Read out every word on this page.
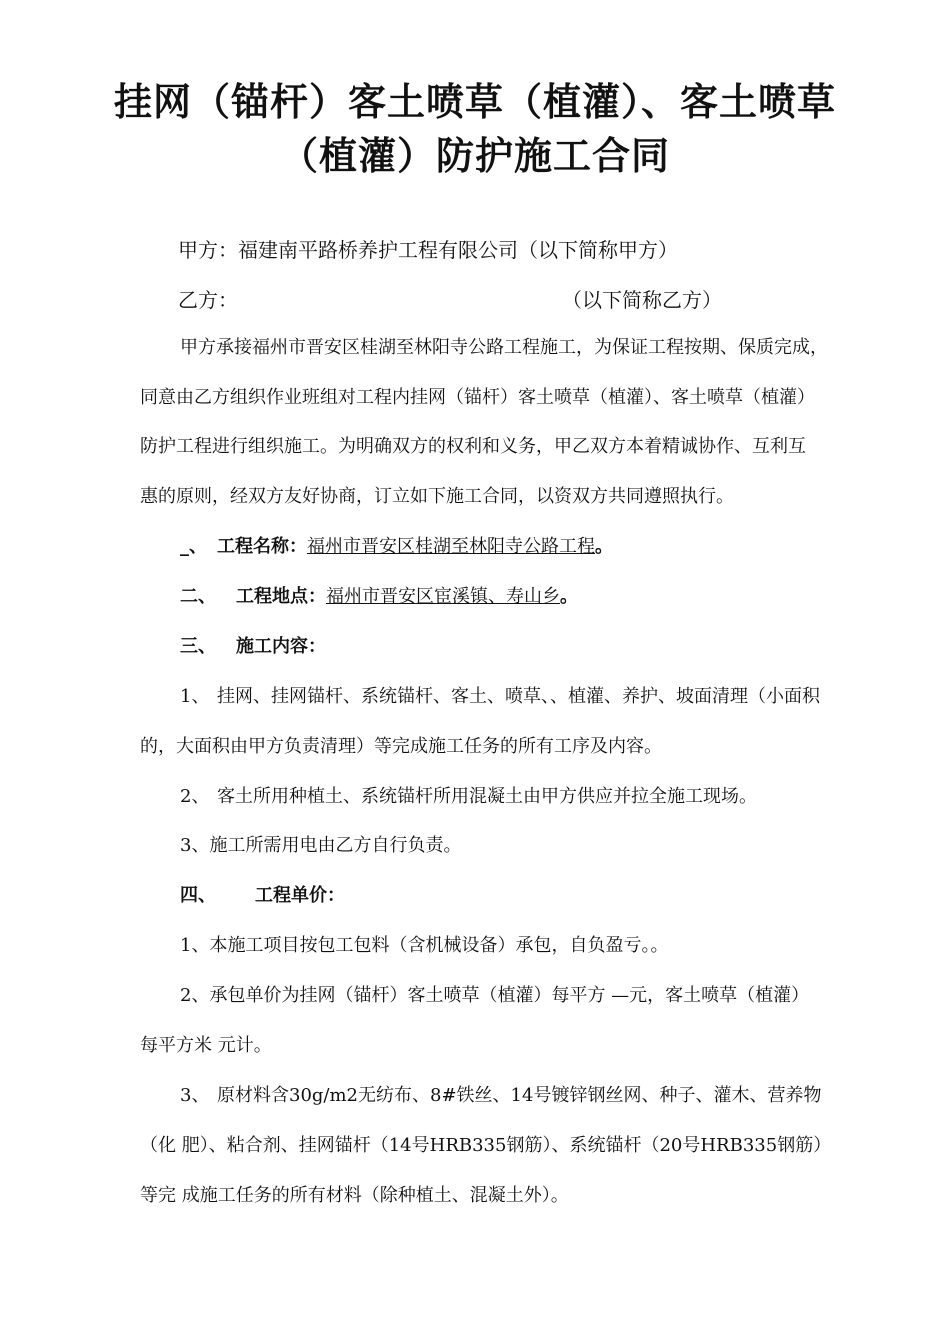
挂网（锚杆）客土喷草（植灌）、客土喷草
（植灌）防护施工合同
甲方：福建南平路桥养护工程有限公司（以下简称甲方）
乙方：	（以下简称乙方）
甲方承接福州市晋安区桂湖至林阳寺公路工程施工，为保证工程按期、保质完成，
同意由乙方组织作业班组对工程内挂网（锚杆）客土喷草（植灌）、客土喷草（植灌）
防护工程进行组织施工。为明确双方的权利和义务，甲乙双方本着精诚协作、互利互
惠的原则，经双方友好协商，订立如下施工合同，以资双方共同遵照执行。
_、 工程名称：福州市晋安区桂湖至林阳寺公路工程。
二、 工程地点：福州市晋安区宦溪镇、寿山乡。
三、 施工内容：
1、 挂网、挂网锚杆、系统锚杆、客土、喷草、、植灌、养护、坡面清理（小面积
的，大面积由甲方负责清理）等完成施工任务的所有工序及内容。
2、 客土所用种植土、系统锚杆所用混凝土由甲方供应并拉全施工现场。
3、施工所需用电由乙方自行负责。
四、 工程单价：
1、本施工项目按包工包料（含机械设备）承包，自负盈亏。。
2、承包单价为挂网（锚杆）客土喷草（植灌）每平方 —元，客土喷草（植灌）
每平方米 元计。
3、 原材料含30g/m2无纺布、8#铁丝、14号镀锌钢丝网、种子、灌木、营养物
（化 肥）、粘合剂、挂网锚杆（14号HRB335钢筋）、系统锚杆（20号HRB335钢筋）
等完 成施工任务的所有材料（除种植土、混凝土外）。
